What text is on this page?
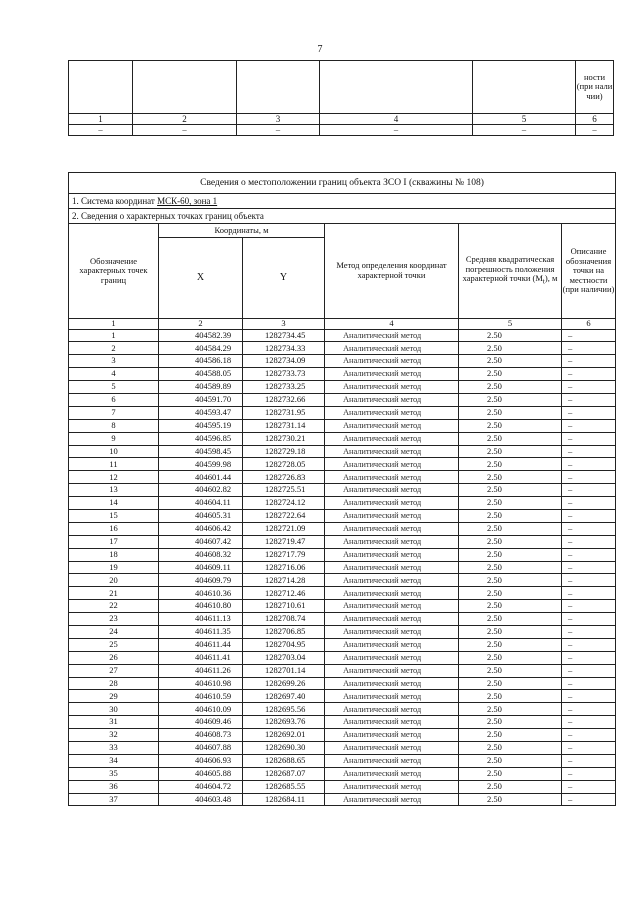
7
					ности (при нали чии)
1	2	3	4	5	6
–	–	–	–	–	–
Сведения о местоположении границ объекта ЗСО I (скважины № 108)					
1. Система координат МСК-60, зона 1					
2. Сведения о характерных точках границ объекта					
Обозначение характерных точек границ	Координаты, м		Метод определения координат характерной точки	Средняя квадратическая погрешность положения характерной точки $(M_t)$, м	Описание обозначения точки на местности (при наличии)
	X	Y			
1	2	3	4	5	6
1	404582.39	1282734.45	Аналитический метод	2.50	–
2	404584.29	1282734.33	Аналитический метод	2.50	–
3	404586.18	1282734.09	Аналитический метод	2.50	–
4	404588.05	1282733.73	Аналитический метод	2.50	–
5	404589.89	1282733.25	Аналитический метод	2.50	–
6	404591.70	1282732.66	Аналитический метод	2.50	–
7	404593.47	1282731.95	Аналитический метод	2.50	–
8	404595.19	1282731.14	Аналитический метод	2.50	–
9	404596.85	1282730.21	Аналитический метод	2.50	–
10	404598.45	1282729.18	Аналитический метод	2.50	–
11	404599.98	1282728.05	Аналитический метод	2.50	–
12	404601.44	1282726.83	Аналитический метод	2.50	–
13	404602.82	1282725.51	Аналитический метод	2.50	–
14	404604.11	1282724.12	Аналитический метод	2.50	–
15	404605.31	1282722.64	Аналитический метод	2.50	–
16	404606.42	1282721.09	Аналитический метод	2.50	–
17	404607.42	1282719.47	Аналитический метод	2.50	–
18	404608.32	1282717.79	Аналитический метод	2.50	–
19	404609.11	1282716.06	Аналитический метод	2.50	–
20	404609.79	1282714.28	Аналитический метод	2.50	–
21	404610.36	1282712.46	Аналитический метод	2.50	–
22	404610.80	1282710.61	Аналитический метод	2.50	–
23	404611.13	1282708.74	Аналитический метод	2.50	–
24	404611.35	1282706.85	Аналитический метод	2.50	–
25	404611.44	1282704.95	Аналитический метод	2.50	–
26	404611.41	1282703.04	Аналитический метод	2.50	–
27	404611.26	1282701.14	Аналитический метод	2.50	–
28	404610.98	1282699.26	Аналитический метод	2.50	–
29	404610.59	1282697.40	Аналитический метод	2.50	–
30	404610.09	1282695.56	Аналитический метод	2.50	–
31	404609.46	1282693.76	Аналитический метод	2.50	–
32	404608.73	1282692.01	Аналитический метод	2.50	–
33	404607.88	1282690.30	Аналитический метод	2.50	–
34	404606.93	1282688.65	Аналитический метод	2.50	–
35	404605.88	1282687.07	Аналитический метод	2.50	–
36	404604.72	1282685.55	Аналитический метод	2.50	–
37	404603.48	1282684.11	Аналитический метод	2.50	–
